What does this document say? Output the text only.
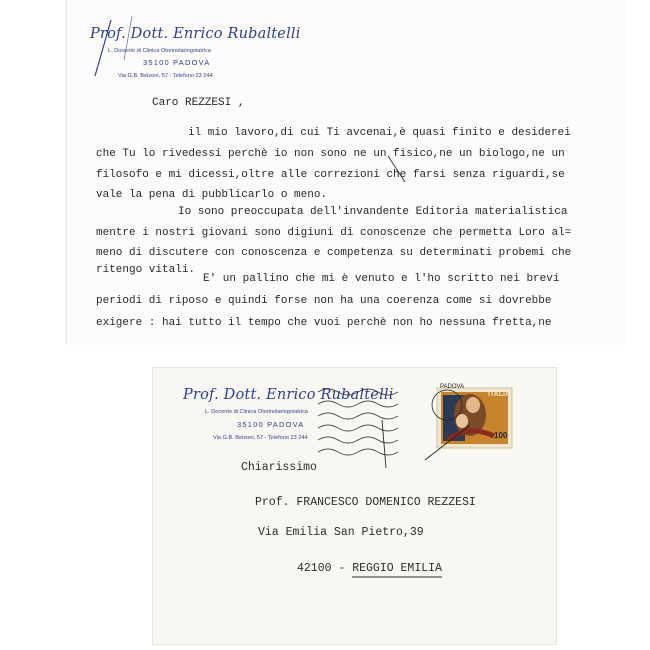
Prof. Dott. Enrico Rubaltelli
L. Docente di Clinica Otorinolaringoiatrica
35100 PADOVA
Via G.B. Belzoni, 57 - Telefono 23 244
Caro REZZESI ,
il mio lavoro,di cui Ti avcenai,è quasi finito e desiderei
che Tu lo rivedessi perchè io non sono ne un fisico,ne un biologo,ne un
filosofo e mi dicessi,oltre alle correzioni che farsi senza riguardi,se
vale la pena di pubblicarlo o meno.
Io sono preoccupata dell'invandente Editoria materialistica
mentre i nostri giovani sono digiuni di conoscenze che permetta Loro al=
meno di discutere con conoscenza e competenza su determinati probemi che
ritengo vitali.
E' un pallino che mi è venuto e l'ho scritto nei brevi
periodi di riposo e quindi forse non ha una coerenza come si dovrebbe
exigere : hai tutto il tempo che vuoi perchè non ho nessuna fretta,ne
Prof. Dott. Enrico Rubaltelli
L. Docente di Clinica Otorinolaringoiatrica
35100 PADOVA
Via G.B. Belzoni, 57 - Telefono 23 244
ITALIA
100
PADOVA
Chiarissimo
Prof. FRANCESCO DOMENICO REZZESI
Via Emilia San Pietro,39
42100 - REGGIO EMILIA
